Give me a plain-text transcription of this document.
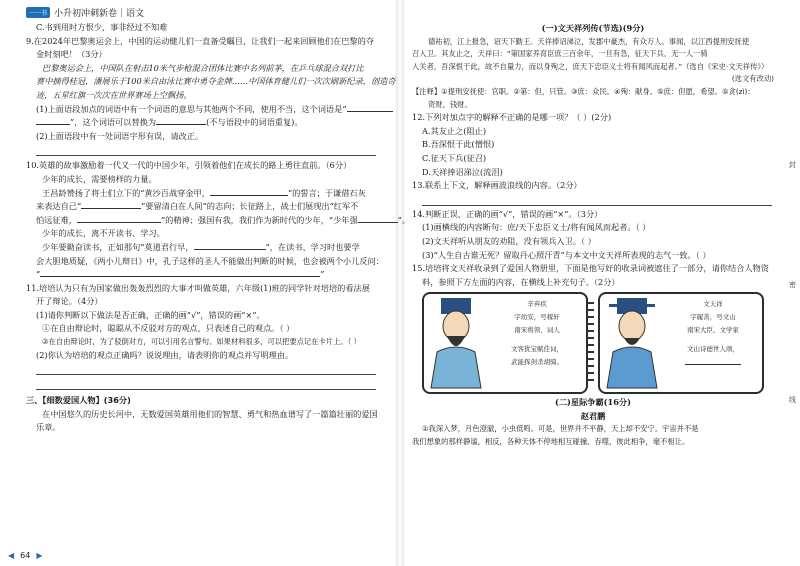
一一书 小升初冲刺新卷｜语文
C.书到用时方恨少，事非经过不知难
9.在2024年巴黎奥运会上，中国的运动健儿们一直备受瞩目，让我们一起来回顾他们在巴黎的夺
金时刻吧！（3分）
巴黎奥运会上，中国队在射击10米气步枪混合团体比赛中名列前茅，在乒乓球混合双打比
赛中摘得桂冠，潘展乐于100米自由泳比赛中勇夺金牌……中国体育健儿们一次次刷新纪录，创造奇
迹，五星红旗一次次在世界赛场上空飘扬。
(1)上面语段加点的词语中有一个词语的意思与其他两个不同，使用不当，这个词语是“
”，这个词语可以替换为	(不与语段中的词语重复)。
(2)上面语段中有一处词语字形有误，请改正。
10.英雄的故事激励着一代又一代的中国少年，引领着他们在成长的路上勇往直前。（6分）
少年的成长，需要榜样的力量。
王昌龄赞扬了将士们立下的“黄沙百战穿金甲，	”的誓言；于谦借石灰
来表达自己“	”要留清白在人间”的志向；长征路上，战士们展现出“红军不
怕远征难，	”的精神；强国有我，我们作为新时代的少年，“少年强	”。
少年的成长，离不开读书、学习。
少年要勤奋读书，正如那句“莫道君行早，	”，在读书、学习时也要学
会大胆地质疑，《两小儿辩日》中，孔子这样的圣人不能做出判断的时候，也会被两个小儿反问：
“	”
11.培培认为只有为国家做出轰轰烈烈的大事才叫做英雄，六年级(1)班的同学针对培培的看法展
开了辩论。（4分）
(1)请你判断以下做法是否正确，正确的画“√”，错误的画“×”。
①在自由辩论时，聪聪从不反驳对方的观点，只表述自己的观点。（ ）
②在自由辩论时，为了驳倒对方，可以引用名言警句。如果材料很多，可以把要点记在卡片上。（ ）
(2)你认为培培的观点正确吗？说说理由，请表明你的观点并写明理由。
三、【细数爱国人物】(36分)
在中国悠久的历史长河中，无数爱国英雄用他们的智慧、勇气和热血谱写了一篇篇壮丽的爱国
乐章。
◀ 64 ▶
(一)文天祥列传(节选)(9分)
德祐初，江上报急，诏天下勤王。天祥捧诏涕泣，发郡中豪杰，有众万人。事闻，以江西提刑安抚使
召入卫。其友止之，天祥曰：“第国家养育臣庶三百余年，一旦有急，征天下兵，无一人一骑
入关者，吾深恨于此，故不自量力，而以身殉之，庶天下忠臣义士将有闻风而起者。”（选自《宋史·文天祥传》）
(选文有改动)
【注释】①提刑安抚使：官职。②第：但，只管。③庶：众民。④殉：献身。⑤庶：但愿，希望。⑤贪(zì)：
资财，钱财。
12.下列对加点字的解释不正确的是哪一项？（ ）(2分)
A.其友止之(阻止)
B.吾深恨于此(憎恨)
C.征天下兵(征召)
D.天祥捧诏涕泣(流泪)
13.联系上下文，解释画波浪线的内容。（2分）
14.判断正误，正确的画“√”，错误的画“×”。（3分）
(1)画横线的内容断句：庶/天下忠臣义士/将有闻风而起者。（ ）
(2)文天祥听从朋友的劝阻，没有领兵入卫。（ ）
(3)“人生自古谁无死？留取丹心照汗青”与本文中文天祥所表现的志气一致。（ ）
15.培培将文天祥收录到了爱国人物册里，下面是他写好的收录词被遮住了一部分，请你结合人物资
料，参照下方左面的内容，在横线上补充句子。（2分）
辛弃疾
字幼安，号稼轩
南宋将领、词人
文客犹宝赋佳词，
武能挥剑杀胡骑。
文天祥
字履善，号文山
南宋大臣、文学家
文山诗德世人颂，
(二)星际争霸(16分)
赵君鹏
①我深入梦，月色澄澈，小虫低鸣。可是，世界并不平静，天上却不安宁。宇宙并不是
我们想象的那样静谧，相反，各种天体不停地相互碰撞、吞噬，彼此相争，毫不相让。
封
密
线
